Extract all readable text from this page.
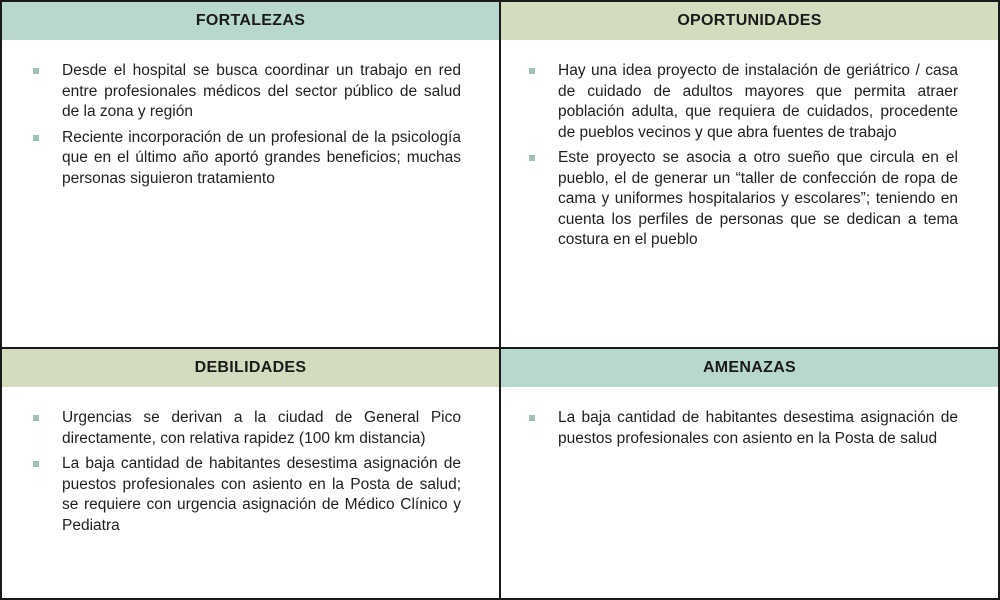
FORTALEZAS
Desde el hospital se busca coordinar un trabajo en red entre profesionales médicos del sector público de salud de la zona y región
Reciente incorporación de un profesional de la psicología que en el último año aportó grandes beneficios; muchas personas siguieron tratamiento
OPORTUNIDADES
Hay una idea proyecto de instalación de geriátrico / casa de cuidado de adultos mayores que permita atraer población adulta, que requiera de cuidados, procedente de pueblos vecinos y que abra fuentes de trabajo
Este proyecto se asocia a otro sueño que circula en el pueblo, el de generar un “taller de confección de ropa de cama y uniformes hospitalarios y escolares”; teniendo en cuenta los perfiles de personas que se dedican a tema costura en el pueblo
DEBILIDADES
Urgencias se derivan a la ciudad de General Pico directamente, con relativa rapidez (100 km distancia)
La baja cantidad de habitantes desestima asignación de puestos profesionales con asiento en la Posta de salud; se requiere con urgencia asignación de Médico Clínico y Pediatra
AMENAZAS
La baja cantidad de habitantes desestima asignación de puestos profesionales con asiento en la Posta de salud
